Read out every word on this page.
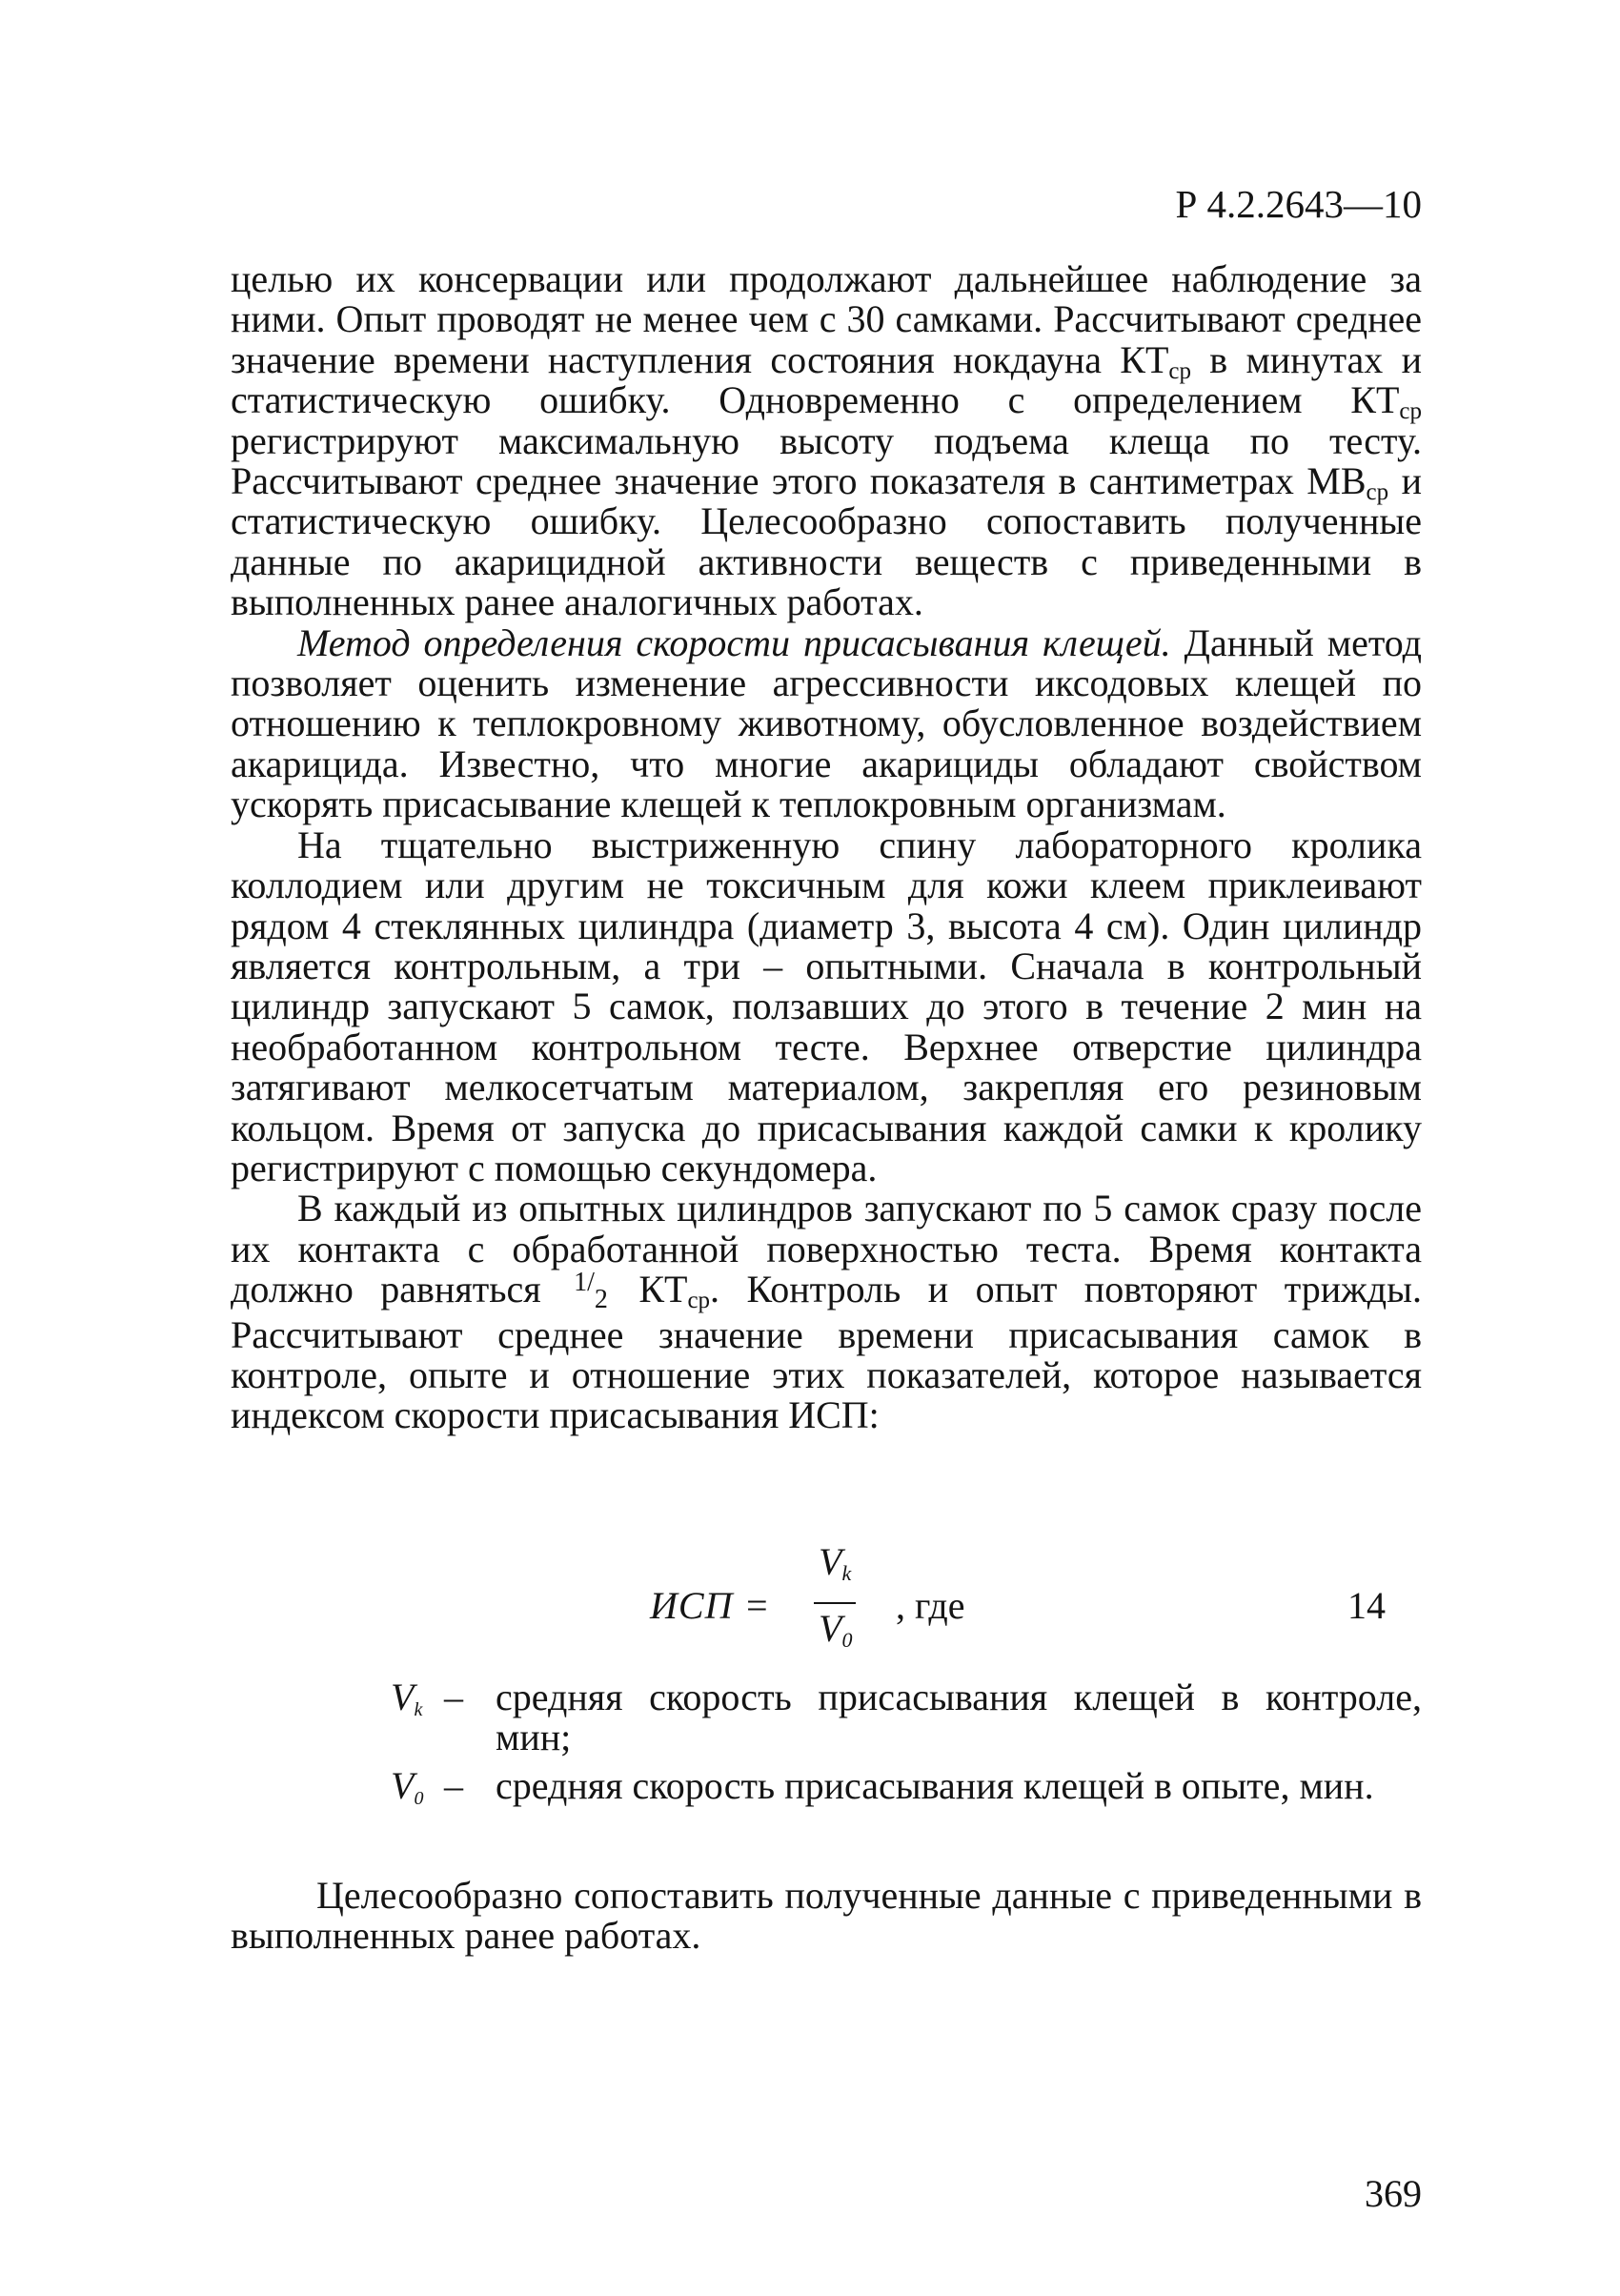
Р 4.2.2643—10

целью их консервации или продолжают дальнейшее наблюдение за ними. Опыт проводят не менее чем с 30 самками. Рассчитывают среднее значение времени наступления состояния нокдауна $КТ_{ср}$ в минутах и статистическую ошибку. Одновременно с определением $КТ_{ср}$ регистрируют максимальную высоту подъема клеща по тесту. Рассчитывают среднее значение этого показателя в сантиметрах $МВ_{ср}$ и статистическую ошибку. Целесообразно сопоставить полученные данные по акарицидной активности веществ с приведенными в выполненных ранее аналогичных работах.

Метод определения скорости присасывания клещей. Данный метод позволяет оценить изменение агрессивности иксодовых клещей по отношению к теплокровному животному, обусловленное воздействием акарицида. Известно, что многие акарициды обладают свойством ускорять присасывание клещей к теплокровным организмам.

На тщательно выстриженную спину лабораторного кролика коллодием или другим не токсичным для кожи клеем приклеивают рядом 4 стеклянных цилиндра (диаметр 3, высота 4 см). Один цилиндр является контрольным, а три – опытными. Сначала в контрольный цилиндр запускают 5 самок, ползавших до этого в течение 2 мин на необработанном контрольном тесте. Верхнее отверстие цилиндра затягивают мелкосетчатым материалом, закрепляя его резиновым кольцом. Время от запуска до присасывания каждой самки к кролику регистрируют с помощью секундомера.

В каждый из опытных цилиндров запускают по 5 самок сразу после их контакта с обработанной поверхностью теста. Время контакта должно равняться $^{1/2}$ $КТ_{ср}$. Контроль и опыт повторяют трижды. Рассчитывают среднее значение времени присасывания самок в контроле, опыте и отношение этих показателей, которое называется индексом скорости присасывания ИСП:

ИСП =
$V_k$
$V_0$
, где	14
$V_k$ – средняя скорость присасывания клещей в контроле, мин;
$V_0$ – средняя скорость присасывания клещей в опыте, мин.

Целесообразно сопоставить полученные данные с приведенными в выполненных ранее работах.

369
